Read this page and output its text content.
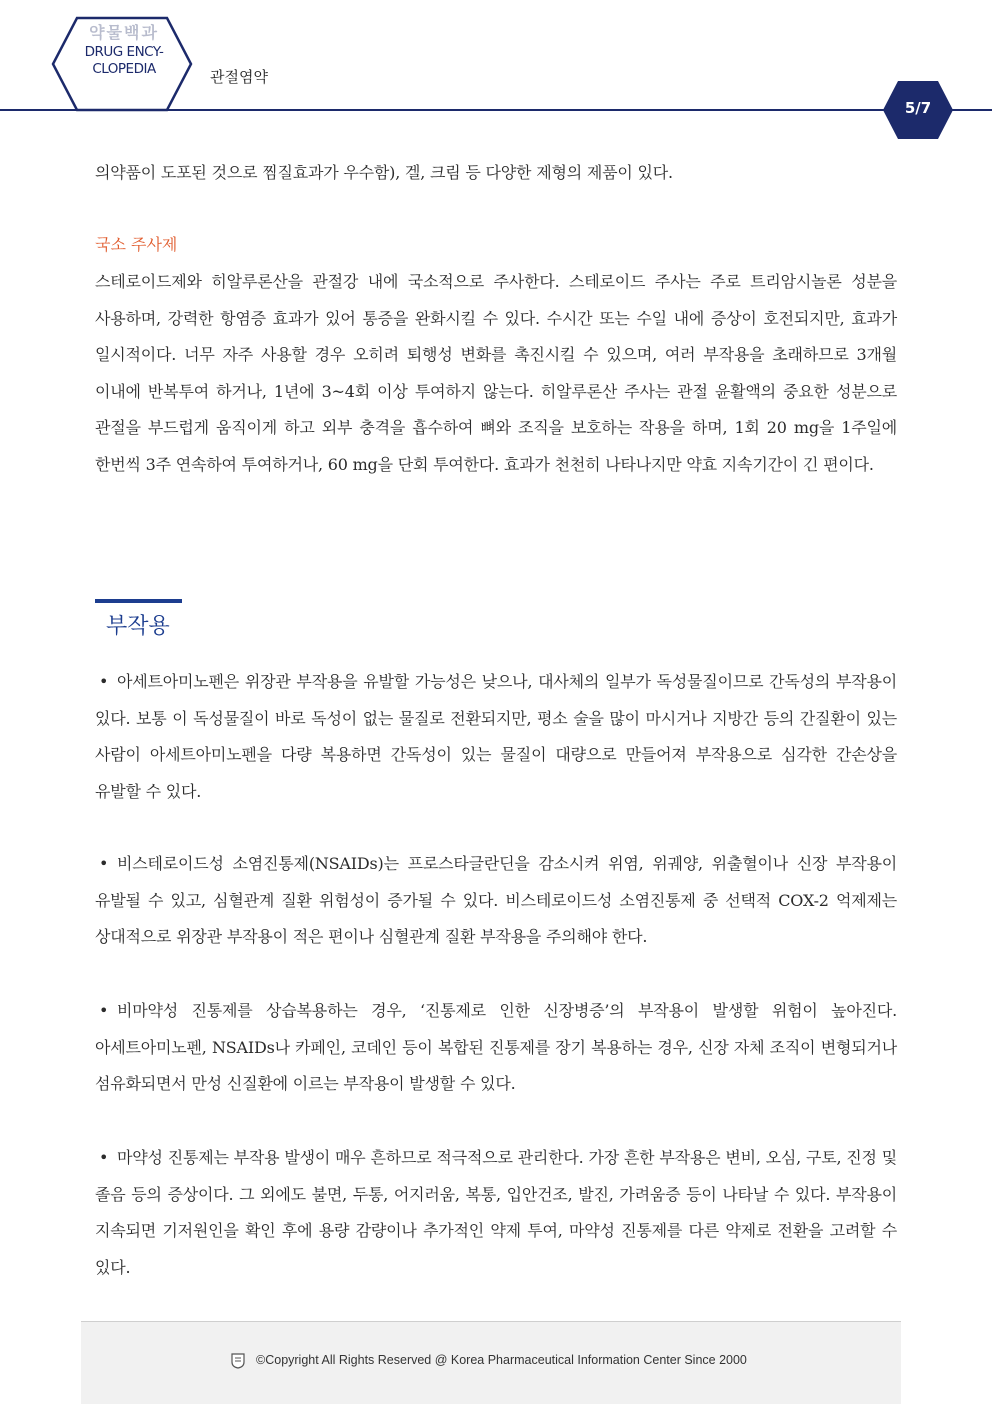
약물백과
DRUG ENCY-
CLOPEDIA	관절염약
5/7
의약품이 도포된 것으로 찜질효과가 우수함), 겔, 크림 등 다양한 제형의 제품이 있다.
국소 주사제
스테로이드제와 히알루론산을 관절강 내에 국소적으로 주사한다. 스테로이드 주사는 주로 트리암시놀론 성분을 사용하며, 강력한 항염증 효과가 있어 통증을 완화시킬 수 있다. 수시간 또는 수일 내에 증상이 호전되지만, 효과가 일시적이다. 너무 자주 사용할 경우 오히려 퇴행성 변화를 촉진시킬 수 있으며, 여러 부작용을 초래하므로 3개월 이내에 반복투여 하거나, 1년에 3~4회 이상 투여하지 않는다. 히알루론산 주사는 관절 윤활액의 중요한 성분으로 관절을 부드럽게 움직이게 하고 외부 충격을 흡수하여 뼈와 조직을 보호하는 작용을 하며, 1회 20 mg을 1주일에 한번씩 3주 연속하여 투여하거나, 60 mg을 단회 투여한다. 효과가 천천히 나타나지만 약효 지속기간이 긴 편이다.
부작용
• 아세트아미노펜은 위장관 부작용을 유발할 가능성은 낮으나, 대사체의 일부가 독성물질이므로 간독성의 부작용이 있다. 보통 이 독성물질이 바로 독성이 없는 물질로 전환되지만, 평소 술을 많이 마시거나 지방간 등의 간질환이 있는 사람이 아세트아미노펜을 다량 복용하면 간독성이 있는 물질이 대량으로 만들어져 부작용으로 심각한 간손상을 유발할 수 있다.
• 비스테로이드성 소염진통제(NSAIDs)는 프로스타글란딘을 감소시켜 위염, 위궤양, 위출혈이나 신장 부작용이 유발될 수 있고, 심혈관계 질환 위험성이 증가될 수 있다. 비스테로이드성 소염진통제 중 선택적 COX-2 억제제는 상대적으로 위장관 부작용이 적은 편이나 심혈관계 질환 부작용을 주의해야 한다.
• 비마약성 진통제를 상습복용하는 경우, ‘진통제로 인한 신장병증’의 부작용이 발생할 위험이 높아진다. 아세트아미노펜, NSAIDs나 카페인, 코데인 등이 복합된 진통제를 장기 복용하는 경우, 신장 자체 조직이 변형되거나 섬유화되면서 만성 신질환에 이르는 부작용이 발생할 수 있다.
• 마약성 진통제는 부작용 발생이 매우 흔하므로 적극적으로 관리한다. 가장 흔한 부작용은 변비, 오심, 구토, 진정 및 졸음 등의 증상이다. 그 외에도 불면, 두통, 어지러움, 복통, 입안건조, 발진, 가려움증 등이 나타날 수 있다. 부작용이 지속되면 기저원인을 확인 후에 용량 감량이나 추가적인 약제 투여, 마약성 진통제를 다른 약제로 전환을 고려할 수 있다.
©Copyright All Rights Reserved @ Korea Pharmaceutical Information Center Since 2000
